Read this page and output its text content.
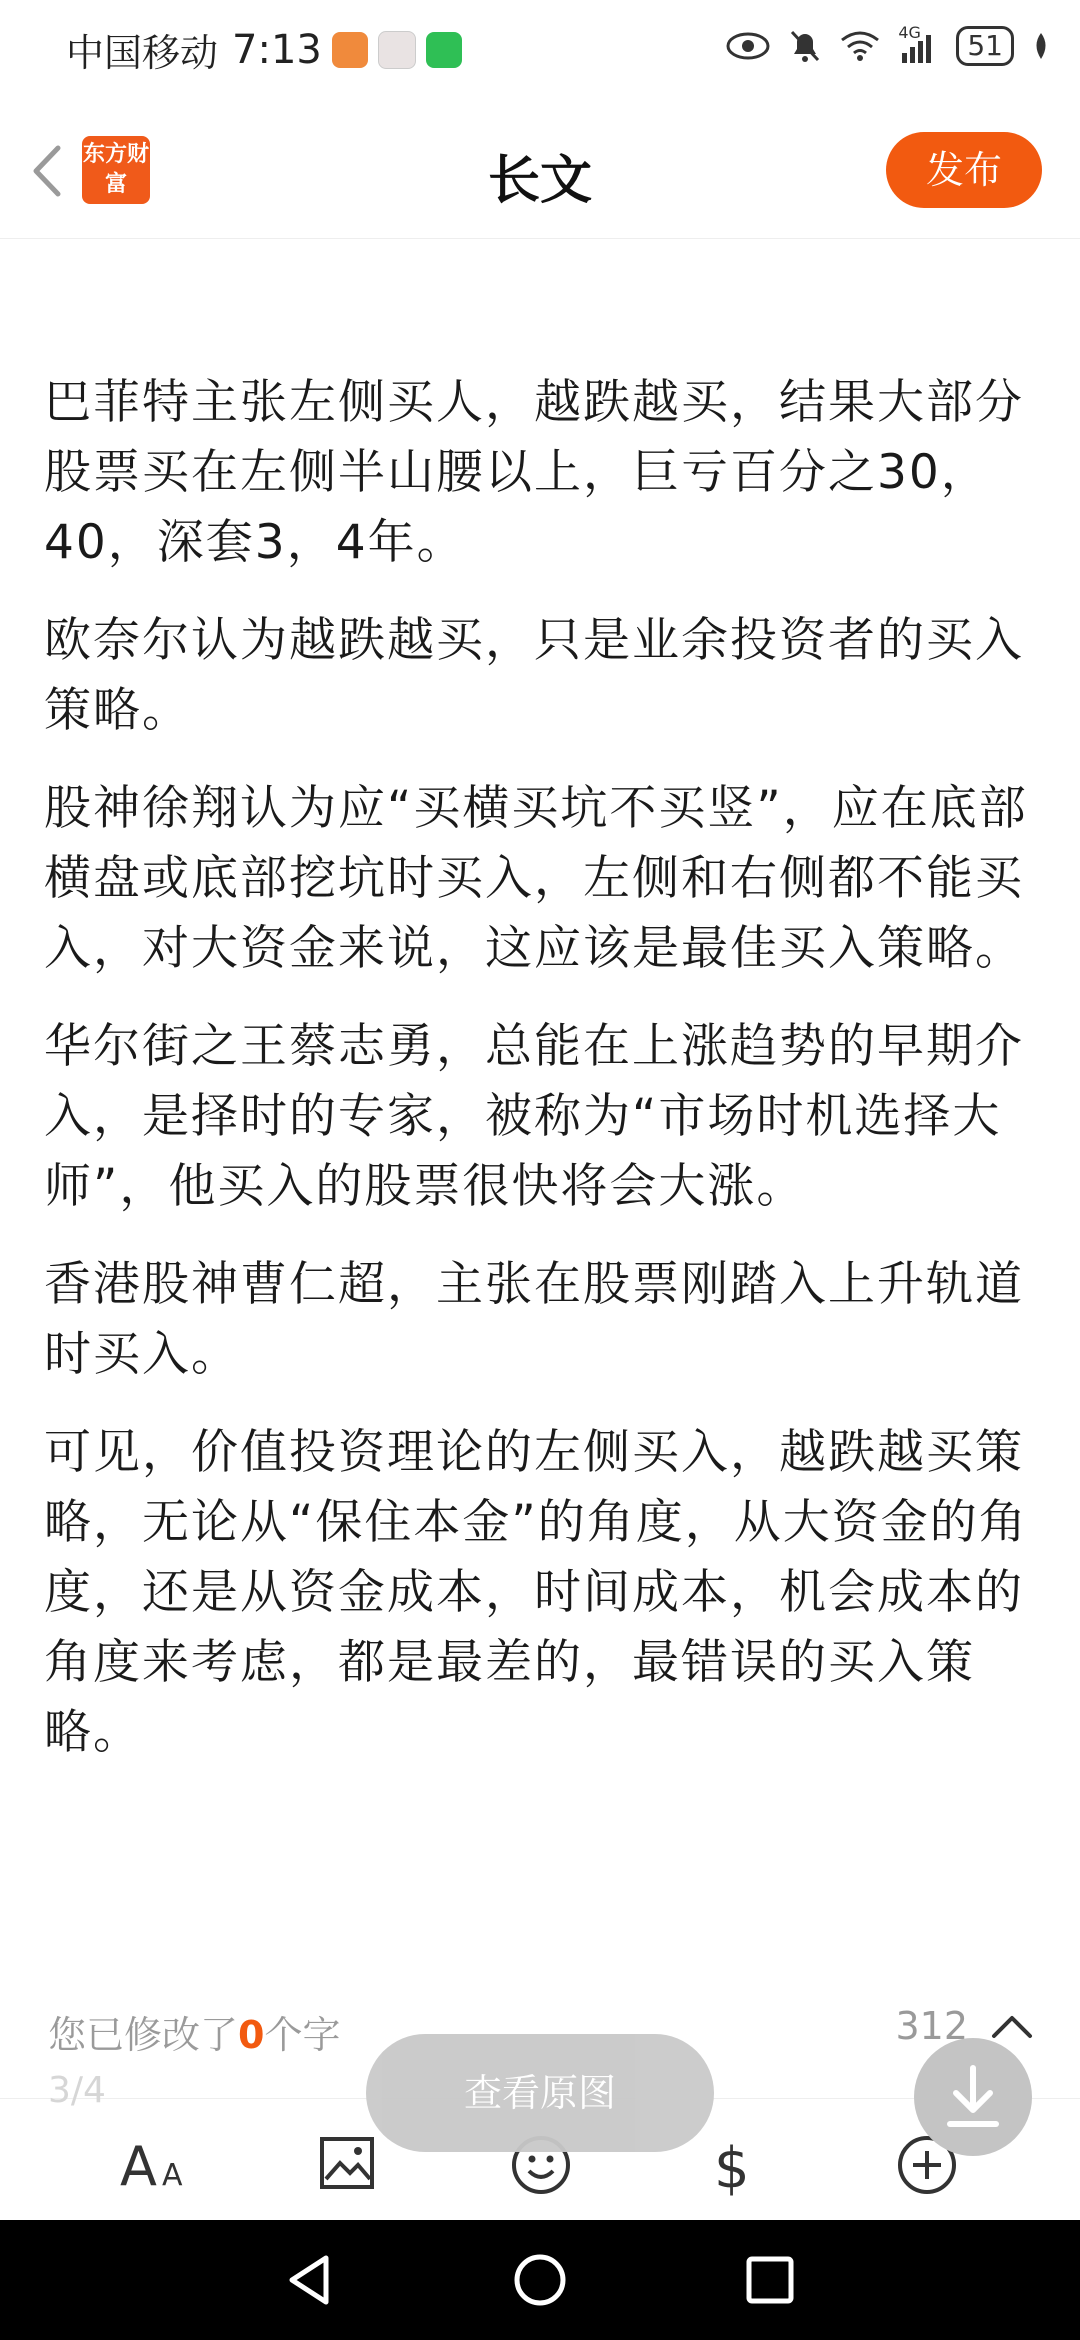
中国移动 7:13	4G	51
东方财富	长文	发布

巴菲特主张左侧买人，越跌越买，结果大部分股票买在左侧半山腰以上，巨亏百分之30，40，深套3，4年。

欧奈尔认为越跌越买，只是业余投资者的买入策略。

股神徐翔认为应“买横买坑不买竖”，应在底部横盘或底部挖坑时买入，左侧和右侧都不能买入，对大资金来说，这应该是最佳买入策略。

华尔街之王蔡志勇，总能在上涨趋势的早期介入，是择时的专家，被称为“市场时机选择大师”，他买入的股票很快将会大涨。

香港股神曹仁超，主张在股票刚踏入上升轨道时买入。

可见，价值投资理论的左侧买入，越跌越买策略，无论从“保住本金”的角度，从大资金的角度，还是从资金成本，时间成本，机会成本的角度来考虑，都是最差的，最错误的买入策略。

您已修改了0个字	312
A A	$
3/4	查看原图
